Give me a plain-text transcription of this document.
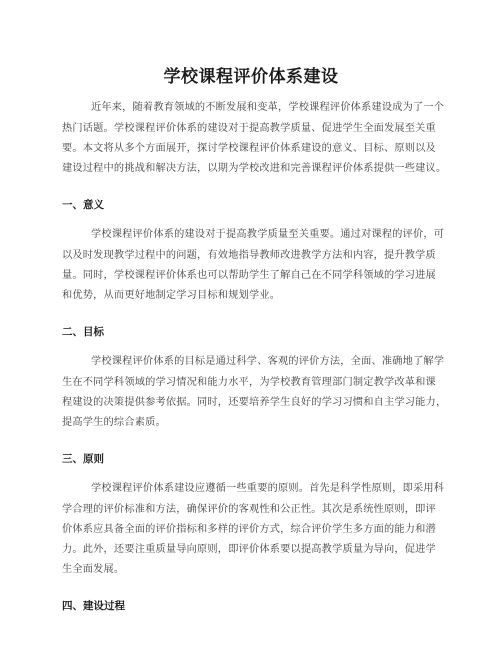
学校课程评价体系建设
近年来，随着教育领域的不断发展和变革，学校课程评价体系建设成为了一个
热门话题。学校课程评价体系的建设对于提高教学质量、促进学生全面发展至关重
要。本文将从多个方面展开，探讨学校课程评价体系建设的意义、目标、原则以及
建设过程中的挑战和解决方法，以期为学校改进和完善课程评价体系提供一些建议。
一、意义
学校课程评价体系的建设对于提高教学质量至关重要。通过对课程的评价，可
以及时发现教学过程中的问题，有效地指导教师改进教学方法和内容，提升教学质
量。同时，学校课程评价体系也可以帮助学生了解自己在不同学科领域的学习进展
和优势，从而更好地制定学习目标和规划学业。
二、目标
学校课程评价体系的目标是通过科学、客观的评价方法，全面、准确地了解学
生在不同学科领域的学习情况和能力水平，为学校教育管理部门制定教学改革和课
程建设的决策提供参考依据。同时，还要培养学生良好的学习习惯和自主学习能力，
提高学生的综合素质。
三、原则
学校课程评价体系建设应遵循一些重要的原则。首先是科学性原则，即采用科
学合理的评价标准和方法，确保评价的客观性和公正性。其次是系统性原则，即评
价体系应具备全面的评价指标和多样的评价方式，综合评价学生多方面的能力和潜
力。此外，还要注重质量导向原则，即评价体系要以提高教学质量为导向，促进学
生全面发展。
四、建设过程
